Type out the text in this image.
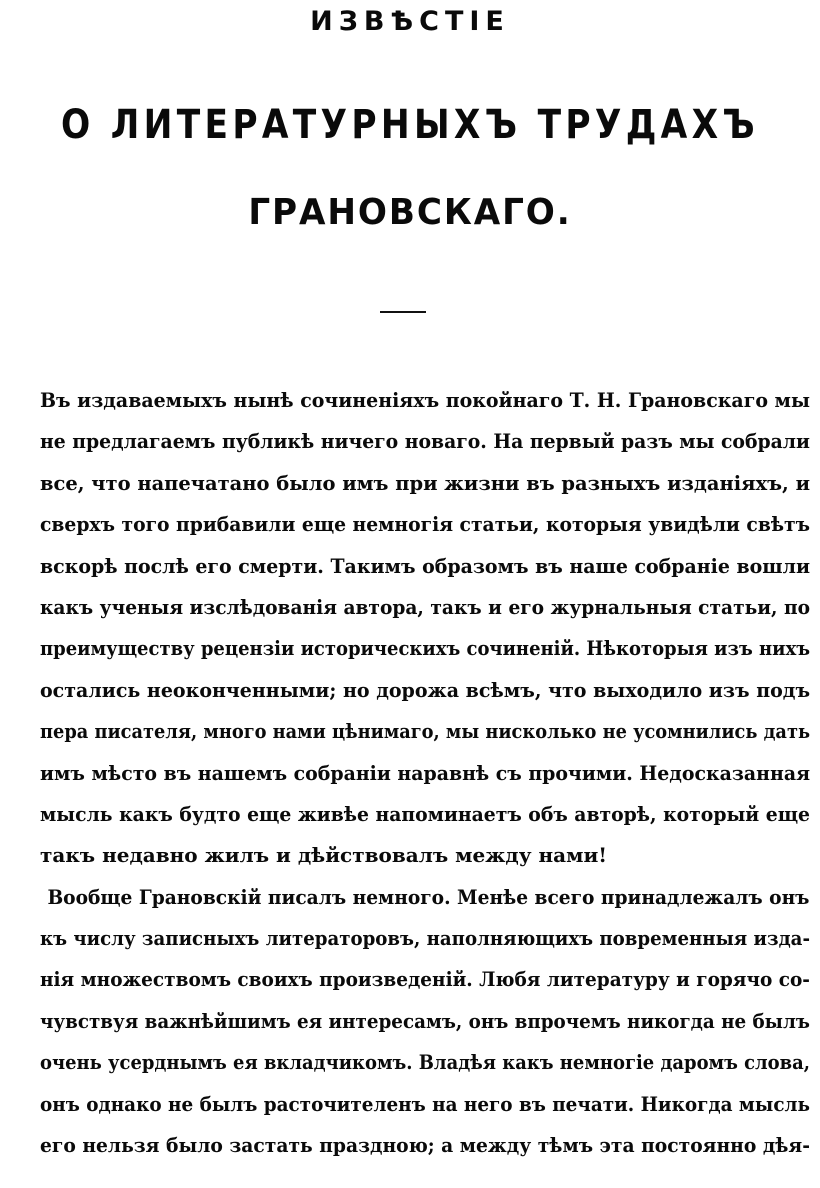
ИЗВѢСТІЕ
О ЛИТЕРАТУРНЫХЪ ТРУДАХЪ
ГРАНОВСКАГО.
Въ издаваемыхъ нынѣ сочиненіяхъ покойнаго Т. Н. Грановскаго мы
не предлагаемъ публикѣ ничего новаго. На первый разъ мы собрали
все, что напечатано было имъ при жизни въ разныхъ изданіяхъ, и
сверхъ того прибавили еще немногія статьи, которыя увидѣли свѣтъ
вскорѣ послѣ его смерти. Такимъ образомъ въ наше собраніе вошли
какъ ученыя изслѣдованія автора, такъ и его журнальныя статьи, по
преимуществу рецензіи историческихъ сочиненій. Нѣкоторыя изъ нихъ
остались неоконченными; но дорожа всѣмъ, что выходило изъ подъ
пера писателя, много нами цѣнимаго, мы нисколько не усомнились дать
имъ мѣсто въ нашемъ собраніи наравнѣ съ прочими. Недосказанная
мысль какъ будто еще живѣе напоминаетъ объ авторѣ, который еще
такъ недавно жилъ и дѣйствовалъ между нами!
Вообще Грановскій писалъ немного. Менѣе всего принадлежалъ онъ
къ числу записныхъ литераторовъ, наполняющихъ повременныя изда-
нія множествомъ своихъ произведеній. Любя литературу и горячо со-
чувствуя важнѣйшимъ ея интересамъ, онъ впрочемъ никогда не былъ
очень усерднымъ ея вкладчикомъ. Владѣя какъ немногіе даромъ слова,
онъ однако не былъ расточителенъ на него въ печати. Никогда мысль
его нельзя было застать праздною; а между тѣмъ эта постоянно дѣя-
